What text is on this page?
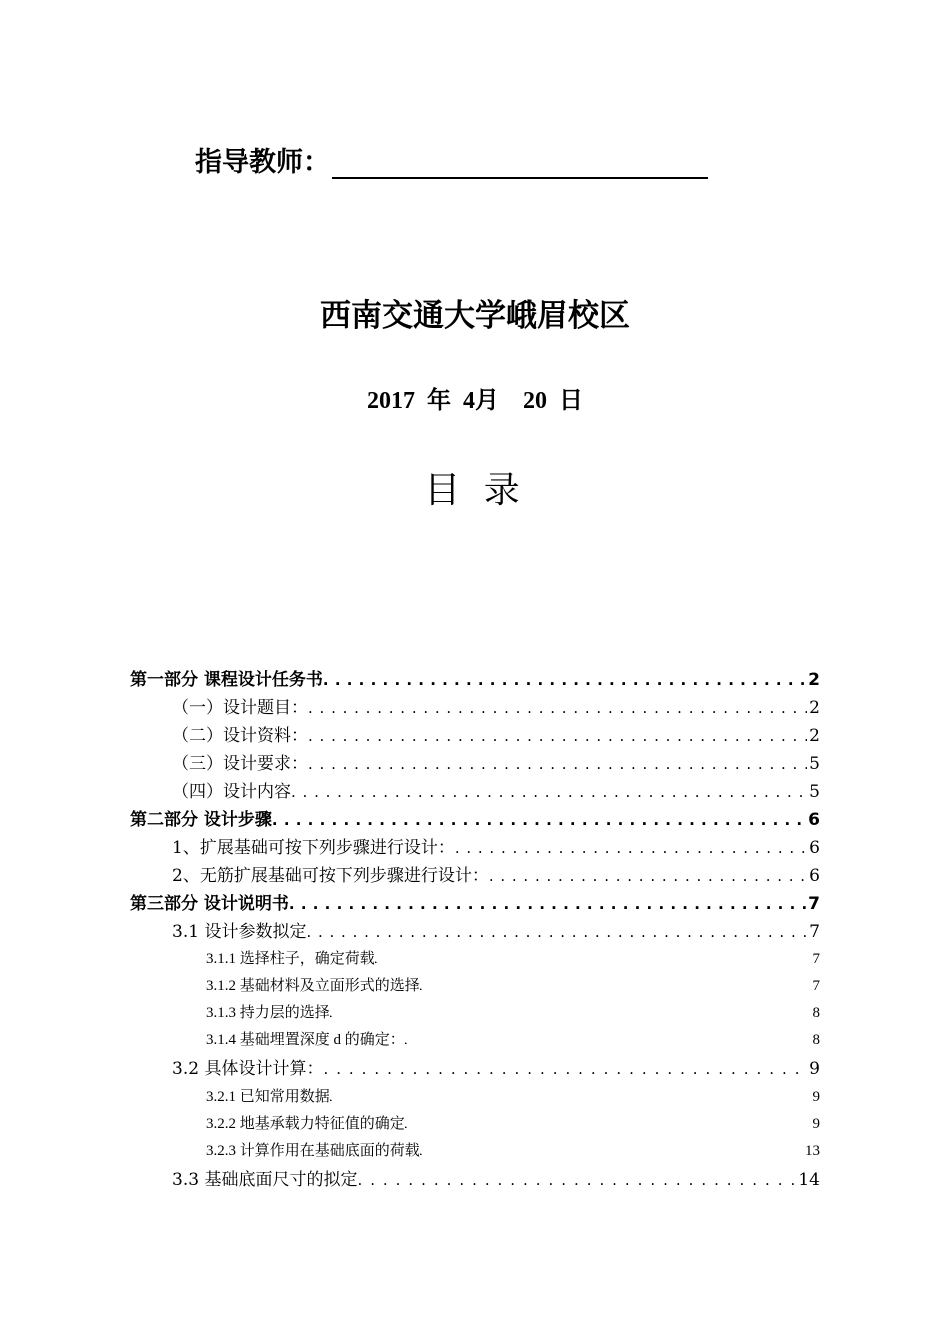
指导教师：
西南交通大学峨眉校区
2017  年  4月    20  日
目 录
第一部分 课程设计任务书 . . .	2
（一）设计题目： . . .	2
（二）设计资料： . . .	2
（三）设计要求： . . .	5
（四）设计内容 . . .	5
第二部分 设计步骤 . . .	6
1、扩展基础可按下列步骤进行设计： . . .	6
2、无筋扩展基础可按下列步骤进行设计： . . .	6
第三部分 设计说明书 . . .	7
3.1 设计参数拟定 . . .	7
3.1.1 选择柱子，确定荷载 .....	7
3.1.2 基础材料及立面形式的选择 .....	7
3.1.3 持力层的选择 .....	8
3.1.4 基础埋置深度 d 的确定： .....	8
3.2 具体设计计算： . . .	9
3.2.1 已知常用数据 .....	9
3.2.2 地基承载力特征值的确定 .....	9
3.2.3 计算作用在基础底面的荷载 .....	13
3.3 基础底面尺寸的拟定 . . .	14
